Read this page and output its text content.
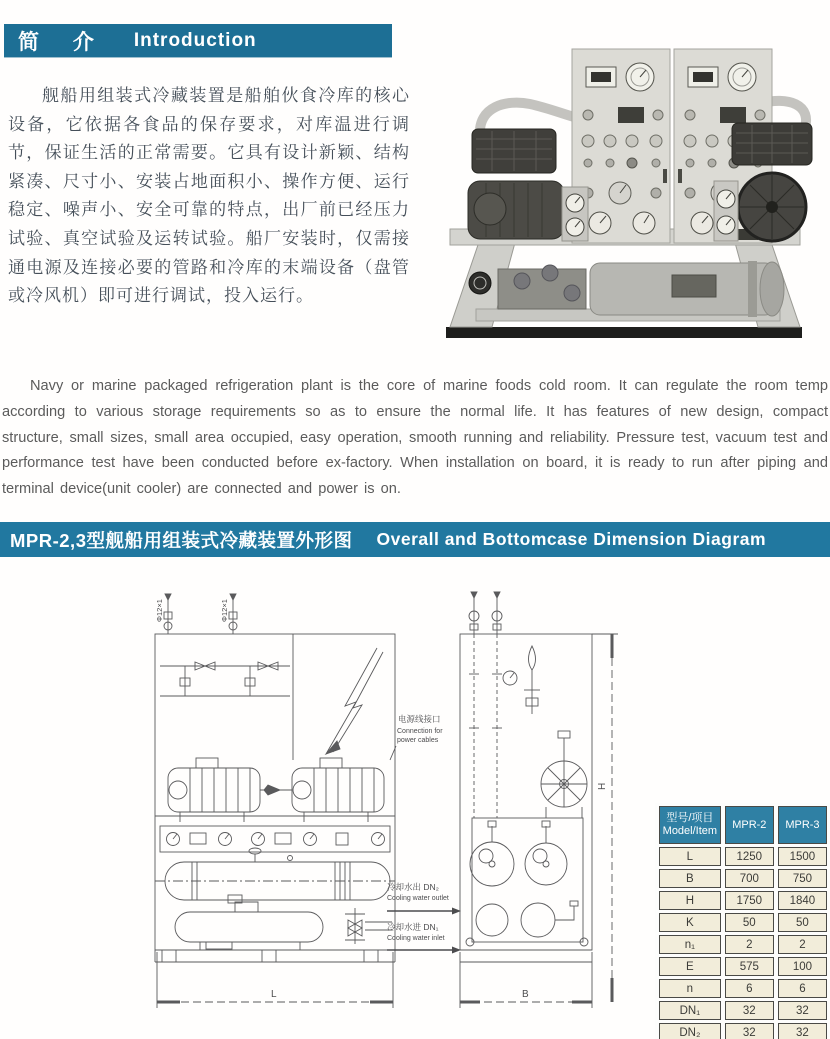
简 介 Introduction
舰船用组装式冷藏装置是船舶伙食冷库的核心设备，它依据各食品的保存要求，对库温进行调节，保证生活的正常需要。它具有设计新颖、结构紧凑、尺寸小、安装占地面积小、操作方便、运行稳定、噪声小、安全可靠的特点，出厂前已经压力试验、真空试验及运转试验。船厂安装时，仅需接通电源及连接必要的管路和冷库的末端设备（盘管或冷风机）即可进行调试，投入运行。
Navy or marine packaged refrigeration plant is the core of marine foods cold room. It can regulate the room temp according to various storage requirements so as to ensure the normal life. It has features of new design, compact structure, small sizes, small area occupied, easy operation, smooth running and reliability. Pressure test, vacuum test and performance test have been conducted before ex-factory. When installation on board, it is ready to run after piping and terminal device(unit cooler) are connected and power is on.
MPR-2,3型舰船用组装式冷藏装置外形图 Overall and Bottomcase Dimension Diagram
Φ12×1	Φ12×1
电源线接口
Connection for
power cables
冷却水出 DN₂
Cooling water outlet
冷却水进 DN₁
Cooling water inlet
L	B
H
型号/项目
Model/Item	MPR-2	MPR-3
L	1250	1500
B	700	750
H	1750	1840
K	50	50
n₁	2	2
E	575	100
n	6	6
DN₁	32	32
DN₂	32	32
